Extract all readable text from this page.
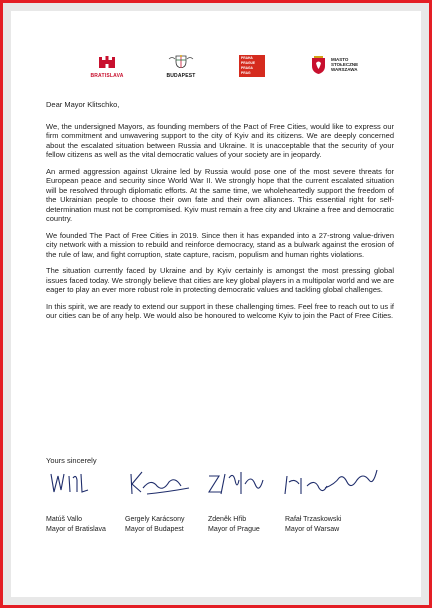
BRATISLAVA	BUDAPEST
PRAHA
PRAGUE
PRAGA
PRAG
MIASTO
STOŁECZNE
WARSZAWA

Dear Mayor Klitschko,

We, the undersigned Mayors, as founding members of the Pact of Free Cities, would like to express our firm commitment and unwavering support to the city of Kyiv and its citizens. We are deeply concerned about the escalated situation between Russia and Ukraine. It is unacceptable that the security of your fellow citizens as well as the vital democratic values of your society are in jeopardy.

An armed aggression against Ukraine led by Russia would pose one of the most severe threats for European peace and security since World War II. We strongly hope that the current escalated situation will be resolved through diplomatic efforts. At the same time, we wholeheartedly support the freedom of the Ukrainian people to choose their own fate and their own alliances. This essential right for self-determination must not be compromised. Kyiv must remain a free city and Ukraine a free and democratic country.

We founded The Pact of Free Cities in 2019. Since then it has expanded into a 27-strong value-driven city network with a mission to rebuild and reinforce democracy, stand as a bulwark against the erosion of the rule of law, and fight corruption, state capture, racism, populism and human rights violations.

The situation currently faced by Ukraine and by Kyiv certainly is amongst the most pressing global issues faced today. We strongly believe that cities are key global players in a multipolar world and we are eager to play an ever more robust role in protecting democratic values and tackling global challenges.

In this spirit, we are ready to extend our support in these challenging times. Feel free to reach out to us if our cities can be of any help. We would also be honoured to welcome Kyiv to join the Pact of Free Cities.

Yours sincerely
Matúš Vallo
Mayor of Bratislava
Gergely Karácsony
Mayor of Budapest
Zdeněk Hřib
Mayor of Prague
Rafał Trzaskowski
Mayor of Warsaw
